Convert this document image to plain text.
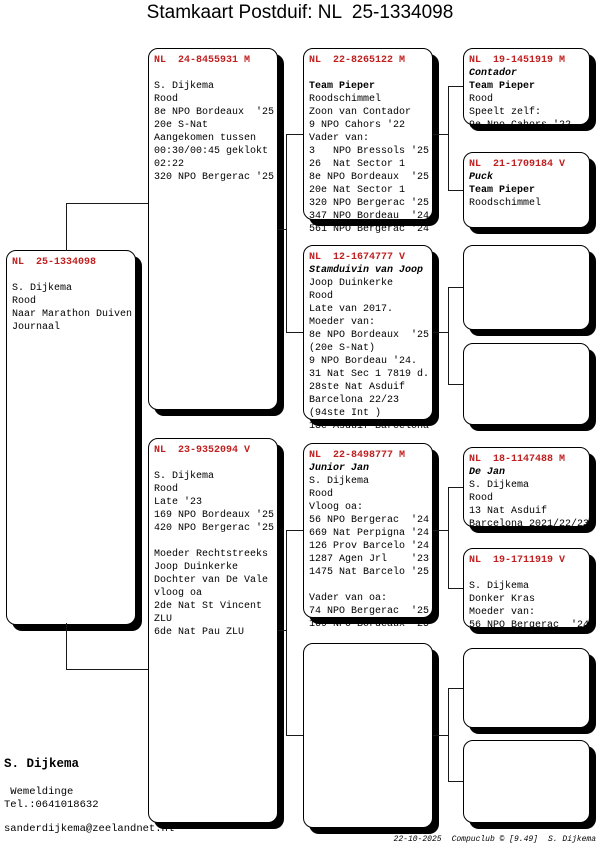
Stamkaart Postduif: NL  25-1334098
NL  25-1334098

S. Dijkema
Rood
Naar Marathon Duiven
Journaal
NL  24-8455931 M

S. Dijkema
Rood
8e NPO Bordeaux  '25
20e S-Nat
Aangekomen tussen
00:30/00:45 geklokt
02:22
320 NPO Bergerac '25
NL  23-9352094 V

S. Dijkema
Rood
Late '23
169 NPO Bordeaux '25
420 NPO Bergerac '25

Moeder Rechtstreeks
Joop Duinkerke
Dochter van De Vale
vloog oa
2de Nat St Vincent
ZLU
6de Nat Pau ZLU
NL  22-8265122 M

Team Pieper
Roodschimmel
Zoon van Contador
9 NPO Cahors '22
Vader van:
3   NPO Bressols '25
26  Nat Sector 1
8e NPO Bordeaux  '25
20e Nat Sector 1
320 NPO Bergerac '25
347 NPO Bordeau  '24
561 NPO Bergerac '24
NL  12-1674777 V
Stamduivin van Joop
Joop Duinkerke
Rood
Late van 2017.
Moeder van:
8e NPO Bordeaux  '25
(20e S-Nat)
9 NPO Bordeau '24.
31 Nat Sec 1 7819 d.
28ste Nat Asduif
Barcelona 22/23
(94ste Int )
13e Asduif Barcelona
NL  22-8498777 M
Junior Jan
S. Dijkema
Rood
Vloog oa:
56 NPO Bergerac  '24
669 Nat Perpigna '24
126 Prov Barcelo '24
1287 Agen Jrl    '23
1475 Nat Barcelo '25

Vader van oa:
74 NPO Bergerac  '25
169 NPO Bordeaux '25
NL  19-1451919 M
Contador
Team Pieper
Rood
Speelt zelf:
9e Npo Cahors '22
NL  21-1709184 V
Puck
Team Pieper
Roodschimmel
NL  18-1147488 M
De Jan
S. Dijkema
Rood
13 Nat Asduif
Barcelona 2021/22/23
NL  19-1711919 V

S. Dijkema
Donker Kras
Moeder van:
56 NPO Bergerac  '24
S. Dijkema
Wemeldinge
Tel.:0641018632
sanderdijkema@zeelandnet.nl
22-10-2025 Compuclub © [9.49] S. Dijkema
